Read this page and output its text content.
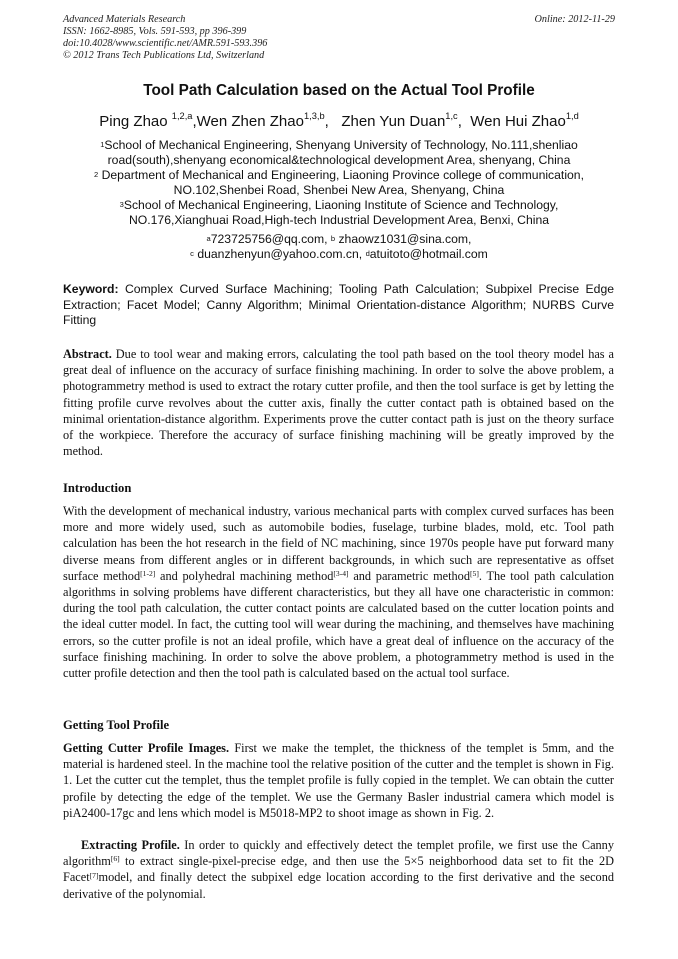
Advanced Materials Research
ISSN: 1662-8985, Vols. 591-593, pp 396-399
doi:10.4028/www.scientific.net/AMR.591-593.396
© 2012 Trans Tech Publications Ltd, Switzerland
Online: 2012-11-29
Tool Path Calculation based on the Actual Tool Profile
Ping Zhao $^{1,2,a}$,Wen Zhen Zhao$^{1,3,b}$,   Zhen Yun Duan$^{1,c}$,  Wen Hui Zhao$^{1,d}$
$^1$School of Mechanical Engineering, Shenyang University of Technology, No.111,shenliao
road(south),shenyang economical&technological development Area, shenyang, China
$^2$ Department of Mechanical and Engineering, Liaoning Province college of communication,
NO.102,Shenbei Road, Shenbei New Area, Shenyang, China
$^3$School of Mechanical Engineering, Liaoning Institute of Science and Technology,
NO.176,Xianghuai Road,High-tech Industrial Development Area, Benxi, China
$^a$723725756@qq.com, $^b$ zhaowz1031@sina.com,
$^c$ duanzhenyun@yahoo.com.cn, $^d$atuitoto@hotmail.com
Keyword: Complex Curved Surface Machining; Tooling Path Calculation; Subpixel Precise Edge Extraction; Facet Model; Canny Algorithm; Minimal Orientation-distance Algorithm; NURBS Curve Fitting
Abstract. Due to tool wear and making errors, calculating the tool path based on the tool theory model has a great deal of influence on the accuracy of surface finishing machining. In order to solve the above problem, a photogrammetry method is used to extract the rotary cutter profile, and then the tool surface is get by letting the fitting profile curve revolves about the cutter axis, finally the cutter contact path is obtained based on the minimal orientation-distance algorithm. Experiments prove the cutter contact path is just on the theory surface of the workpiece. Therefore the accuracy of surface finishing machining will be greatly improved by the method.
Introduction
With the development of mechanical industry, various mechanical parts with complex curved surfaces has been more and more widely used, such as automobile bodies, fuselage, turbine blades, mold, etc. Tool path calculation has been the hot research in the field of NC machining, since 1970s people have put forward many diverse means from different angles or in different backgrounds, in which such are representative as offset surface method[1-2] and polyhedral machining method[3-4] and parametric method[5]. The tool path calculation algorithms in solving problems have different characteristics, but they all have one characteristic in common: during the tool path calculation, the cutter contact points are calculated based on the cutter location points and the ideal cutter model. In fact, the cutting tool will wear during the machining, and themselves have machining errors, so the cutter profile is not an ideal profile, which have a great deal of influence on the accuracy of the surface finishing machining. In order to solve the above problem, a photogrammetry method is used in the cutter profile detection and then the tool path is calculated based on the actual tool surface.
Getting Tool Profile
Getting Cutter Profile Images. First we make the templet, the thickness of the templet is 5mm, and the material is hardened steel. In the machine tool the relative position of the cutter and the templet is shown in Fig. 1. Let the cutter cut the templet, thus the templet profile is fully copied in the templet. We can obtain the cutter profile by detecting the edge of the templet. We use the Germany Basler industrial camera which model is piA2400-17gc and lens which model is M5018-MP2 to shoot image as shown in Fig. 2.
Extracting Profile. In order to quickly and effectively detect the templet profile, we first use the Canny algorithm[6] to extract single-pixel-precise edge, and then use the 5×5 neighborhood data set to fit the 2D Facet[7]model, and finally detect the subpixel edge location according to the first derivative and the second derivative of the polynomial.
